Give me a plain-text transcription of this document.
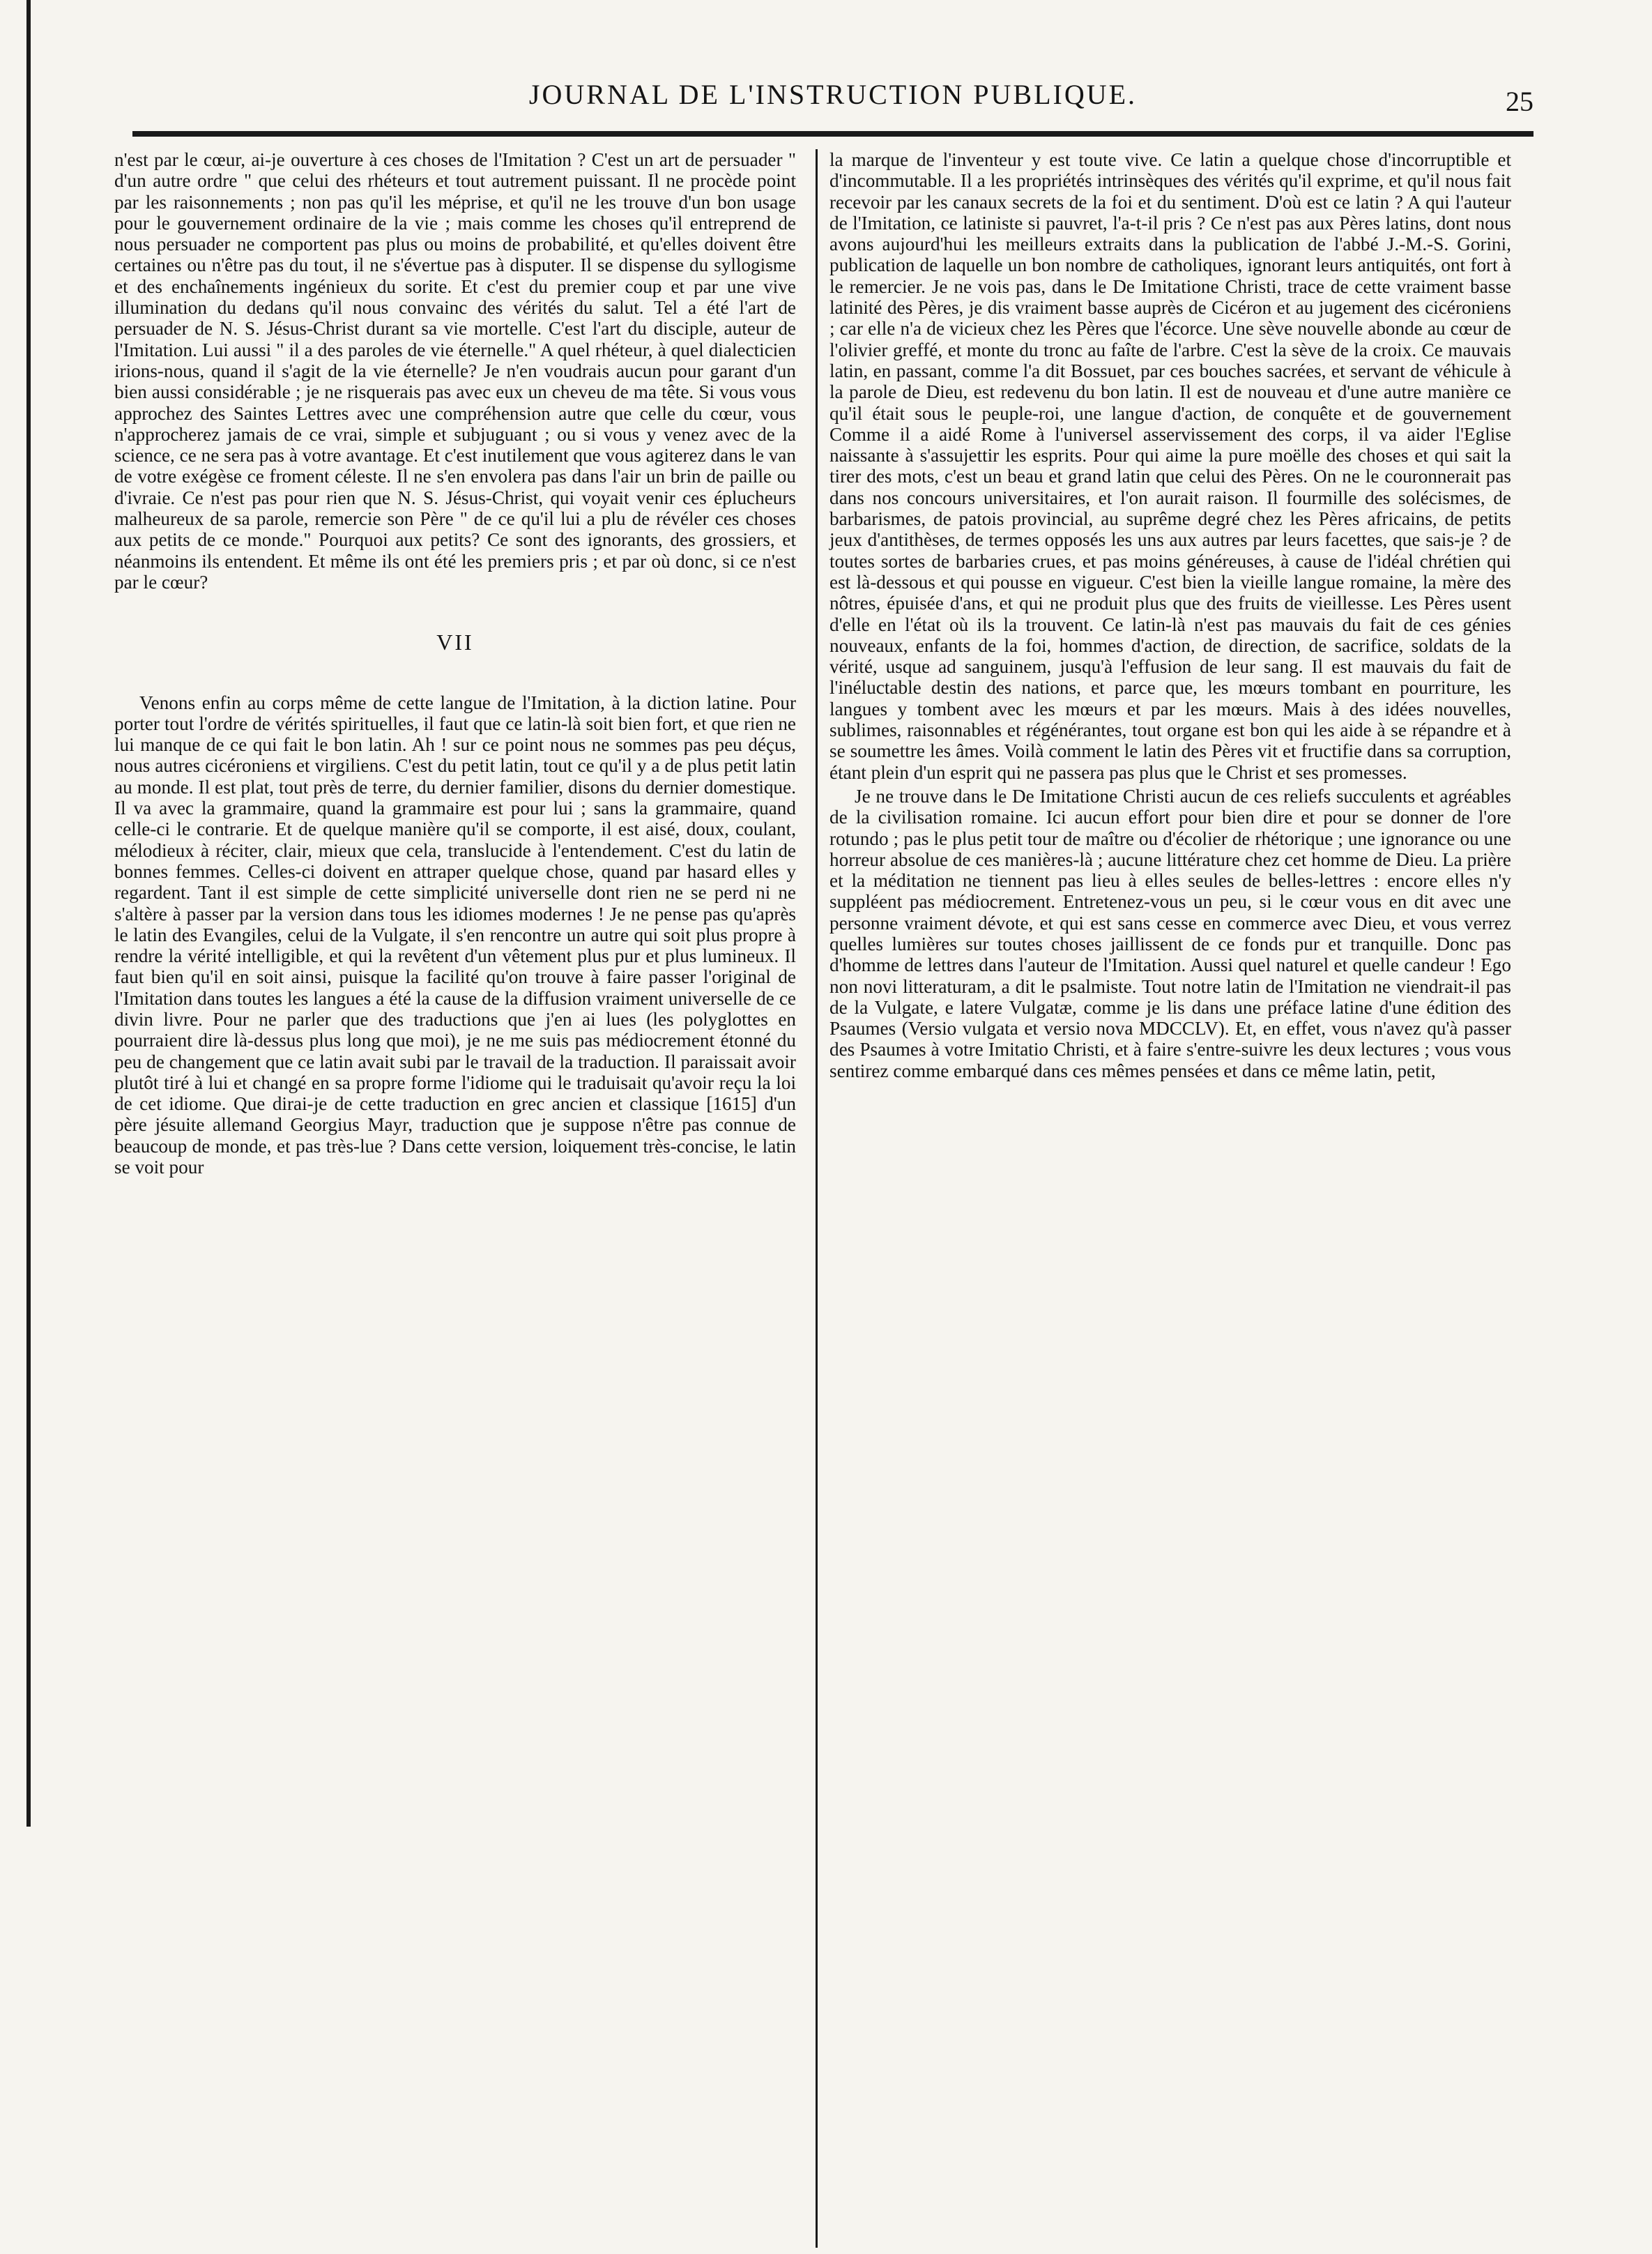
JOURNAL DE L'INSTRUCTION PUBLIQUE.	25

n'est par le cœur, ai-je ouverture à ces choses de l'Imitation ? C'est un art de persuader " d'un autre ordre " que celui des rhéteurs et tout autrement puissant. Il ne procède point par les raisonnements ; non pas qu'il les méprise, et qu'il ne les trouve d'un bon usage pour le gouvernement ordinaire de la vie ; mais comme les choses qu'il entreprend de nous persuader ne comportent pas plus ou moins de probabilité, et qu'elles doivent être certaines ou n'être pas du tout, il ne s'évertue pas à disputer. Il se dispense du syllogisme et des enchaînements ingénieux du sorite. Et c'est du premier coup et par une vive illumination du dedans qu'il nous convainc des vérités du salut. Tel a été l'art de persuader de N. S. Jésus-Christ durant sa vie mortelle. C'est l'art du disciple, auteur de l'Imitation. Lui aussi " il a des paroles de vie éternelle." A quel rhéteur, à quel dialecticien irions-nous, quand il s'agit de la vie éternelle? Je n'en voudrais aucun pour garant d'un bien aussi considérable ; je ne risquerais pas avec eux un cheveu de ma tête. Si vous vous approchez des Saintes Lettres avec une compréhension autre que celle du cœur, vous n'approcherez jamais de ce vrai, simple et subjuguant ; ou si vous y venez avec de la science, ce ne sera pas à votre avantage. Et c'est inutilement que vous agiterez dans le van de votre exégèse ce froment céleste. Il ne s'en envolera pas dans l'air un brin de paille ou d'ivraie. Ce n'est pas pour rien que N. S. Jésus-Christ, qui voyait venir ces éplucheurs malheureux de sa parole, remercie son Père " de ce qu'il lui a plu de révéler ces choses aux petits de ce monde." Pourquoi aux petits? Ce sont des ignorants, des grossiers, et néanmoins ils entendent. Et même ils ont été les premiers pris ; et par où donc, si ce n'est par le cœur?

VII

Venons enfin au corps même de cette langue de l'Imitation, à la diction latine. Pour porter tout l'ordre de vérités spirituelles, il faut que ce latin-là soit bien fort, et que rien ne lui manque de ce qui fait le bon latin. Ah ! sur ce point nous ne sommes pas peu déçus, nous autres cicéroniens et virgiliens. C'est du petit latin, tout ce qu'il y a de plus petit latin au monde. Il est plat, tout près de terre, du dernier familier, disons du dernier domestique. Il va avec la grammaire, quand la grammaire est pour lui ; sans la grammaire, quand celle-ci le contrarie. Et de quelque manière qu'il se comporte, il est aisé, doux, coulant, mélodieux à réciter, clair, mieux que cela, translucide à l'entendement. C'est du latin de bonnes femmes. Celles-ci doivent en attraper quelque chose, quand par hasard elles y regardent. Tant il est simple de cette simplicité universelle dont rien ne se perd ni ne s'altère à passer par la version dans tous les idiomes modernes ! Je ne pense pas qu'après le latin des Evangiles, celui de la Vulgate, il s'en rencontre un autre qui soit plus propre à rendre la vérité intelligible, et qui la revêtent d'un vêtement plus pur et plus lumineux. Il faut bien qu'il en soit ainsi, puisque la facilité qu'on trouve à faire passer l'original de l'Imitation dans toutes les langues a été la cause de la diffusion vraiment universelle de ce divin livre. Pour ne parler que des traductions que j'en ai lues (les polyglottes en pourraient dire là-dessus plus long que moi), je ne me suis pas médiocrement étonné du peu de changement que ce latin avait subi par le travail de la traduction. Il paraissait avoir plutôt tiré à lui et changé en sa propre forme l'idiome qui le traduisait qu'avoir reçu la loi de cet idiome. Que dirai-je de cette traduction en grec ancien et classique [1615] d'un père jésuite allemand Georgius Mayr, traduction que je suppose n'être pas connue de beaucoup de monde, et pas très-lue ? Dans cette version, loiquement très-concise, le latin se voit pour

la marque de l'inventeur y est toute vive. Ce latin a quelque chose d'incorruptible et d'incommutable. Il a les propriétés intrinsèques des vérités qu'il exprime, et qu'il nous fait recevoir par les canaux secrets de la foi et du sentiment. D'où est ce latin ? A qui l'auteur de l'Imitation, ce latiniste si pauvret, l'a-t-il pris ? Ce n'est pas aux Pères latins, dont nous avons aujourd'hui les meilleurs extraits dans la publication de l'abbé J.-M.-S. Gorini, publication de laquelle un bon nombre de catholiques, ignorant leurs antiquités, ont fort à le remercier. Je ne vois pas, dans le De Imitatione Christi, trace de cette vraiment basse latinité des Pères, je dis vraiment basse auprès de Cicéron et au jugement des cicéroniens ; car elle n'a de vicieux chez les Pères que l'écorce. Une sève nouvelle abonde au cœur de l'olivier greffé, et monte du tronc au faîte de l'arbre. C'est la sève de la croix. Ce mauvais latin, en passant, comme l'a dit Bossuet, par ces bouches sacrées, et servant de véhicule à la parole de Dieu, est redevenu du bon latin. Il est de nouveau et d'une autre manière ce qu'il était sous le peuple-roi, une langue d'action, de conquête et de gouvernement Comme il a aidé Rome à l'universel asservissement des corps, il va aider l'Eglise naissante à s'assujettir les esprits. Pour qui aime la pure moëlle des choses et qui sait la tirer des mots, c'est un beau et grand latin que celui des Pères. On ne le couronnerait pas dans nos concours universitaires, et l'on aurait raison. Il fourmille des solécismes, de barbarismes, de patois provincial, au suprême degré chez les Pères africains, de petits jeux d'antithèses, de termes opposés les uns aux autres par leurs facettes, que sais-je ? de toutes sortes de barbaries crues, et pas moins généreuses, à cause de l'idéal chrétien qui est là-dessous et qui pousse en vigueur. C'est bien la vieille langue romaine, la mère des nôtres, épuisée d'ans, et qui ne produit plus que des fruits de vieillesse. Les Pères usent d'elle en l'état où ils la trouvent. Ce latin-là n'est pas mauvais du fait de ces génies nouveaux, enfants de la foi, hommes d'action, de direction, de sacrifice, soldats de la vérité, usque ad sanguinem, jusqu'à l'effusion de leur sang. Il est mauvais du fait de l'inéluctable destin des nations, et parce que, les mœurs tombant en pourriture, les langues y tombent avec les mœurs et par les mœurs. Mais à des idées nouvelles, sublimes, raisonnables et régénérantes, tout organe est bon qui les aide à se répandre et à se soumettre les âmes. Voilà comment le latin des Pères vit et fructifie dans sa corruption, étant plein d'un esprit qui ne passera pas plus que le Christ et ses promesses.

Je ne trouve dans le De Imitatione Christi aucun de ces reliefs succulents et agréables de la civilisation romaine. Ici aucun effort pour bien dire et pour se donner de l'ore rotundo ; pas le plus petit tour de maître ou d'écolier de rhétorique ; une ignorance ou une horreur absolue de ces manières-là ; aucune littérature chez cet homme de Dieu. La prière et la méditation ne tiennent pas lieu à elles seules de belles-lettres : encore elles n'y suppléent pas médiocrement. Entretenez-vous un peu, si le cœur vous en dit avec une personne vraiment dévote, et qui est sans cesse en commerce avec Dieu, et vous verrez quelles lumières sur toutes choses jaillissent de ce fonds pur et tranquille. Donc pas d'homme de lettres dans l'auteur de l'Imitation. Aussi quel naturel et quelle candeur ! Ego non novi litteraturam, a dit le psalmiste. Tout notre latin de l'Imitation ne viendrait-il pas de la Vulgate, e latere Vulgatæ, comme je lis dans une préface latine d'une édition des Psaumes (Versio vulgata et versio nova MDCCLV). Et, en effet, vous n'avez qu'à passer des Psaumes à votre Imitatio Christi, et à faire s'entre-suivre les deux lectures ; vous vous sentirez comme embarqué dans ces mêmes pensées et dans ce même latin, petit,
